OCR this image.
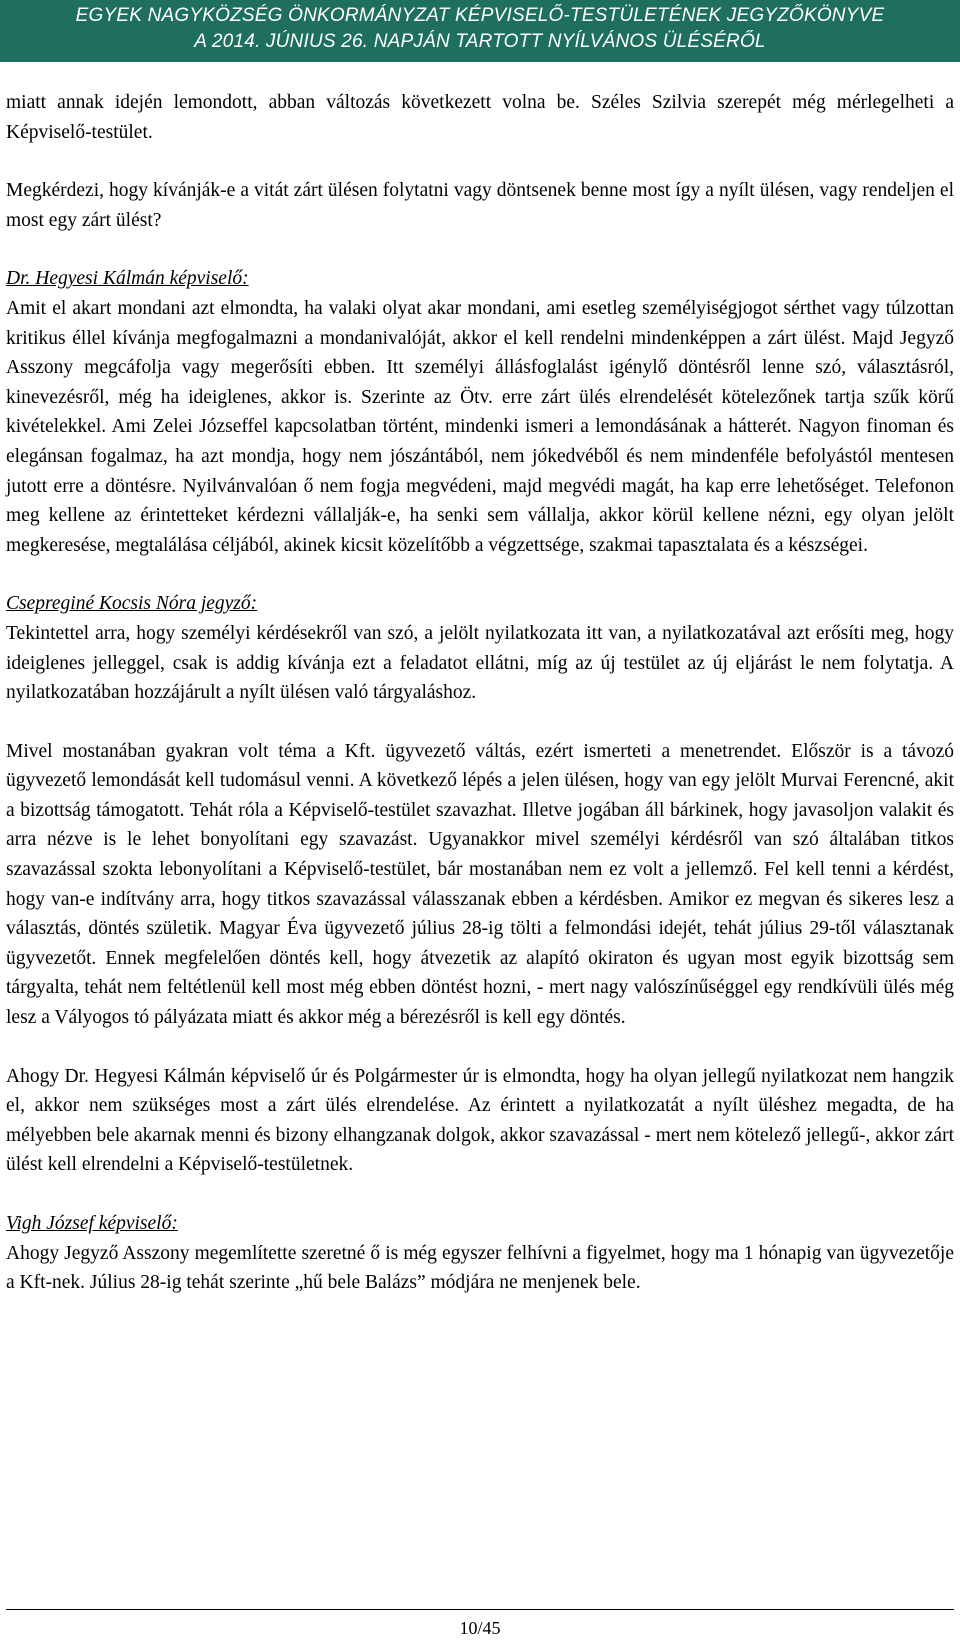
EGYEK NAGYKÖZSÉG ÖNKORMÁNYZAT KÉPVISELŐ-TESTÜLETÉNEK JEGYZŐKÖNYVE
A 2014. JÚNIUS 26. NAPJÁN TARTOTT NYÍLVÁNOS ÜLÉSÉRŐL

miatt annak idején lemondott, abban változás következett volna be. Széles Szilvia szerepét még mérlegelheti a Képviselő-testület.

Megkérdezi, hogy kívánják-e a vitát zárt ülésen folytatni vagy döntsenek benne most így a nyílt ülésen, vagy rendeljen el most egy zárt ülést?

Dr. Hegyesi Kálmán képviselő:
Amit el akart mondani azt elmondta, ha valaki olyat akar mondani, ami esetleg személyiségjogot sérthet vagy túlzottan kritikus éllel kívánja megfogalmazni a mondanivalóját, akkor el kell rendelni mindenképpen a zárt ülést. Majd Jegyző Asszony megcáfolja vagy megerősíti ebben. Itt személyi állásfoglalást igénylő döntésről lenne szó, választásról, kinevezésről, még ha ideiglenes, akkor is. Szerinte az Ötv. erre zárt ülés elrendelését kötelezőnek tartja szűk körű kivételekkel. Ami Zelei Józseffel kapcsolatban történt, mindenki ismeri a lemondásának a hátterét. Nagyon finoman és elegánsan fogalmaz, ha azt mondja, hogy nem jószántából, nem jókedvéből és nem mindenféle befolyástól mentesen jutott erre a döntésre. Nyilvánvalóan ő nem fogja megvédeni, majd megvédi magát, ha kap erre lehetőséget. Telefonon meg kellene az érintetteket kérdezni vállalják-e, ha senki sem vállalja, akkor körül kellene nézni, egy olyan jelölt megkeresése, megtalálása céljából, akinek kicsit közelítőbb a végzettsége, szakmai tapasztalata és a készségei.

Csepreginé Kocsis Nóra jegyző:
Tekintettel arra, hogy személyi kérdésekről van szó, a jelölt nyilatkozata itt van, a nyilatkozatával azt erősíti meg, hogy ideiglenes jelleggel, csak is addig kívánja ezt a feladatot ellátni, míg az új testület az új eljárást le nem folytatja. A nyilatkozatában hozzájárult a nyílt ülésen való tárgyaláshoz.

Mivel mostanában gyakran volt téma a Kft. ügyvezető váltás, ezért ismerteti a menetrendet. Először is a távozó ügyvezető lemondását kell tudomásul venni. A következő lépés a jelen ülésen, hogy van egy jelölt Murvai Ferencné, akit a bizottság támogatott. Tehát róla a Képviselő-testület szavazhat. Illetve jogában áll bárkinek, hogy javasoljon valakit és arra nézve is le lehet bonyolítani egy szavazást. Ugyanakkor mivel személyi kérdésről van szó általában titkos szavazással szokta lebonyolítani a Képviselő-testület, bár mostanában nem ez volt a jellemző. Fel kell tenni a kérdést, hogy van-e indítvány arra, hogy titkos szavazással válasszanak ebben a kérdésben. Amikor ez megvan és sikeres lesz a választás, döntés születik. Magyar Éva ügyvezető július 28-ig tölti a felmondási idejét, tehát július 29-től választanak ügyvezetőt. Ennek megfelelően döntés kell, hogy átvezetik az alapító okiraton és ugyan most egyik bizottság sem tárgyalta, tehát nem feltétlenül kell most még ebben döntést hozni, - mert nagy valószínűséggel egy rendkívüli ülés még lesz a Vályogos tó pályázata miatt és akkor még a bérezésről is kell egy döntés.

Ahogy Dr. Hegyesi Kálmán képviselő úr és Polgármester úr is elmondta, hogy ha olyan jellegű nyilatkozat nem hangzik el, akkor nem szükséges most a zárt ülés elrendelése. Az érintett a nyilatkozatát a nyílt üléshez megadta, de ha mélyebben bele akarnak menni és bizony elhangzanak dolgok, akkor szavazással - mert nem kötelező jellegű-, akkor zárt ülést kell elrendelni a Képviselő-testületnek.

Vigh József képviselő:
Ahogy Jegyző Asszony megemlítette szeretné ő is még egyszer felhívni a figyelmet, hogy ma 1 hónapig van ügyvezetője a Kft-nek. Július 28-ig tehát szerinte „hű bele Balázs” módjára ne menjenek bele.

10/45
